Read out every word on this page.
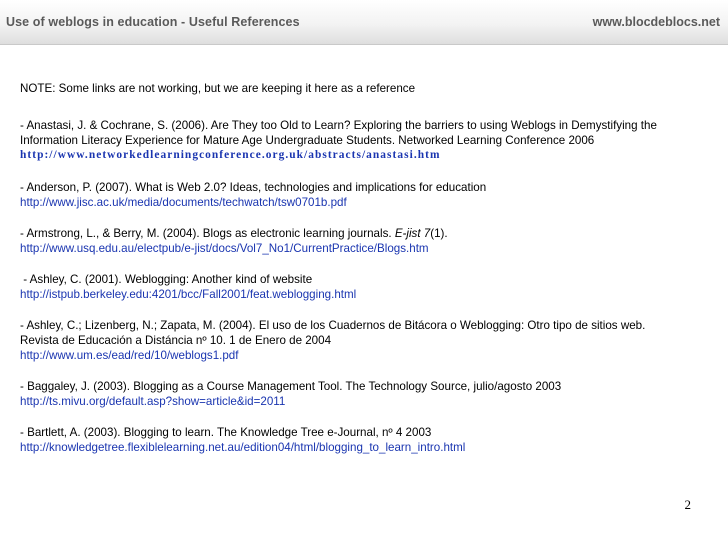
Use of weblogs in education - Useful References	www.blocdeblocs.net

NOTE: Some links are not working, but we are keeping it here as a reference

- Anastasi, J. & Cochrane, S. (2006). Are They too Old to Learn? Exploring the barriers to using Weblogs in Demystifying the Information Literacy Experience for Mature Age Undergraduate Students. Networked Learning Conference 2006

http://www.networkedlearningconference.org.uk/abstracts/anastasi.htm

- Anderson, P. (2007). What is Web 2.0? Ideas, technologies and implications for education

http://www.jisc.ac.uk/media/documents/techwatch/tsw0701b.pdf

- Armstrong, L., & Berry, M. (2004). Blogs as electronic learning journals. E-jist 7(1).

http://www.usq.edu.au/electpub/e-jist/docs/Vol7_No1/CurrentPractice/Blogs.htm

- Ashley, C. (2001). Weblogging: Another kind of website

http://istpub.berkeley.edu:4201/bcc/Fall2001/feat.weblogging.html

- Ashley, C.; Lizenberg, N.; Zapata, M. (2004). El uso de los Cuadernos de Bitácora o Weblogging: Otro tipo de sitios web. Revista de Educación a Distáncia nº 10. 1 de Enero de 2004

http://www.um.es/ead/red/10/weblogs1.pdf

- Baggaley, J. (2003). Blogging as a Course Management Tool. The Technology Source, julio/agosto 2003

http://ts.mivu.org/default.asp?show=article&id=2011

- Bartlett, A. (2003). Blogging to learn. The Knowledge Tree e-Journal, nº 4 2003

http://knowledgetree.flexiblelearning.net.au/edition04/html/blogging_to_learn_intro.html
2
